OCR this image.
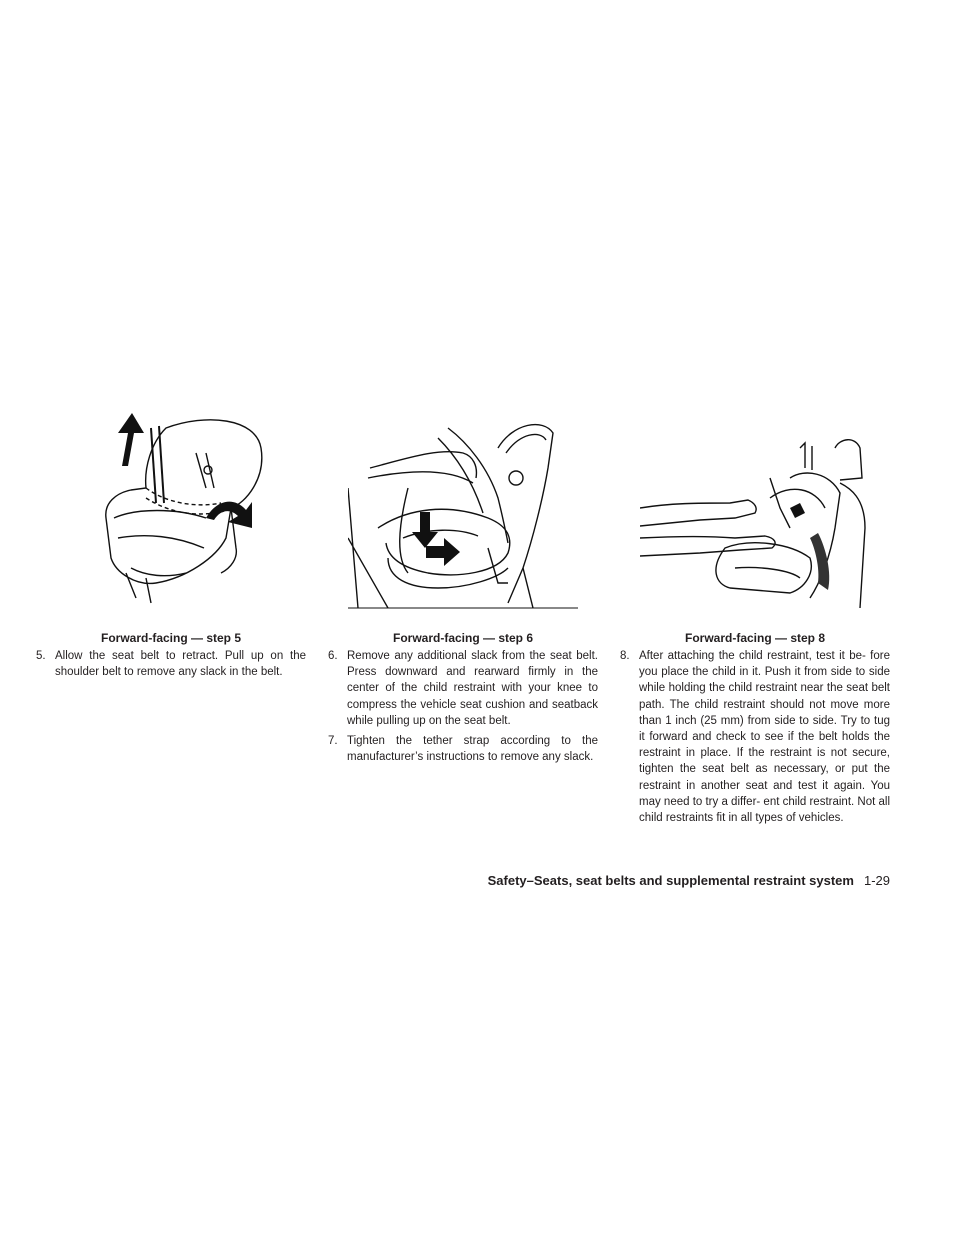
Forward-facing — step 5
5. Allow the seat belt to retract. Pull up on the shoulder belt to remove any slack in the belt.
Forward-facing — step 6
6. Remove any additional slack from the seat belt. Press downward and rearward firmly in the center of the child restraint with your knee to compress the vehicle seat cushion and seatback while pulling up on the seat belt.
7. Tighten the tether strap according to the manufacturer’s instructions to remove any slack.
Forward-facing — step 8
8. After attaching the child restraint, test it be- fore you place the child in it. Push it from side to side while holding the child restraint near the seat belt path. The child restraint should not move more than 1 inch (25 mm) from side to side. Try to tug it forward and check to see if the belt holds the restraint in place. If the restraint is not secure, tighten the seat belt as necessary, or put the restraint in another seat and test it again. You may need to try a differ- ent child restraint. Not all child restraints fit in all types of vehicles.
Safety–Seats, seat belts and supplemental restraint system 1-29
